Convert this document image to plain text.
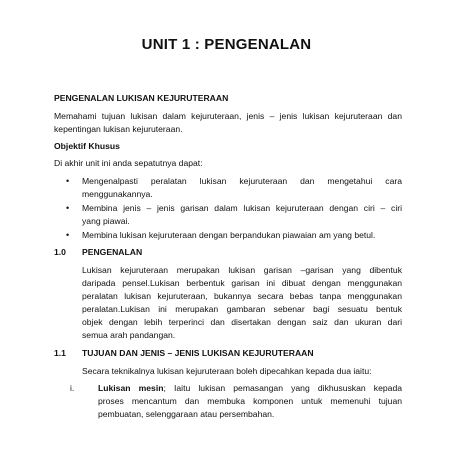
UNIT 1 : PENGENALAN
PENGENALAN LUKISAN KEJURUTERAAN
Memahami tujuan lukisan dalam kejuruteraan, jenis – jenis lukisan kejuruteraan dan
kepentingan lukisan kejuruteraan.
Objektif Khusus
Di akhir unit ini anda sepatutnya dapat:
• Mengenalpasti peralatan lukisan kejuruteraan dan mengetahui cara
menggunakannya.
• Membina jenis – jenis garisan dalam lukisan kejuruteraan dengan ciri – ciri
yang piawai.
• Membina lukisan kejuruteraan dengan berpandukan piawaian am yang betul.
1.0 PENGENALAN
Lukisan kejuruteraan merupakan lukisan garisan –garisan yang dibentuk
daripada pensel.Lukisan berbentuk garisan ini dibuat dengan menggunakan
peralatan lukisan kejuruteraan, bukannya secara bebas tanpa menggunakan
peralatan.Lukisan ini merupakan gambaran sebenar bagi sesuatu bentuk
objek dengan lebih terperinci dan disertakan dengan saiz dan ukuran dari
semua arah pandangan.
1.1 TUJUAN DAN JENIS – JENIS LUKISAN KEJURUTERAAN
Secara teknikalnya lukisan kejuruteraan boleh dipecahkan kepada dua iaitu:
i.	Lukisan mesin; Iaitu lukisan pemasangan yang dikhususkan kepada
proses mencantum dan membuka komponen untuk memenuhi tujuan
pembuatan, selenggaraan atau persembahan.
